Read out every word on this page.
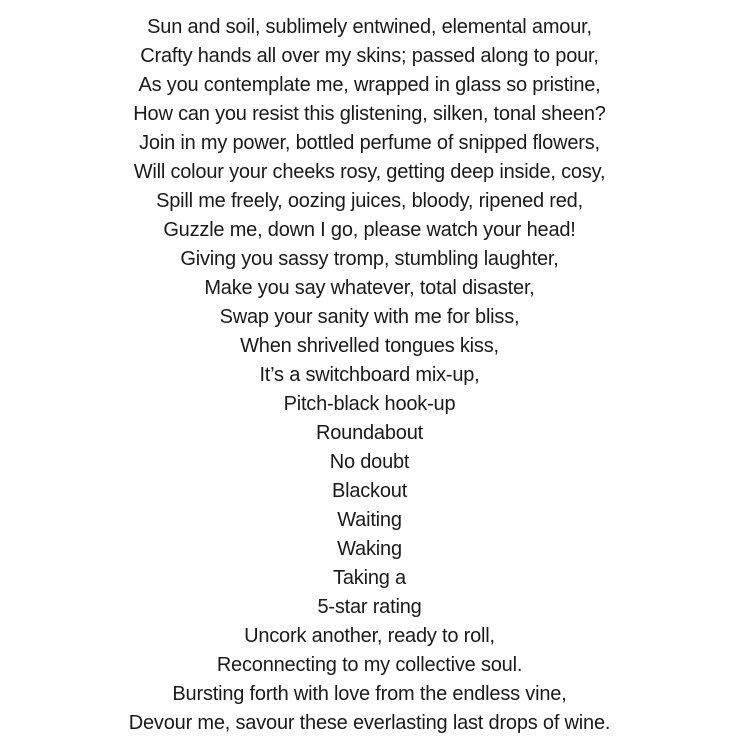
Sun and soil, sublimely entwined, elemental amour,
Crafty hands all over my skins; passed along to pour,
As you contemplate me, wrapped in glass so pristine,
How can you resist this glistening, silken, tonal sheen?
Join in my power, bottled perfume of snipped flowers,
Will colour your cheeks rosy, getting deep inside, cosy,
Spill me freely, oozing juices, bloody, ripened red,
Guzzle me, down I go, please watch your head!
Giving you sassy tromp, stumbling laughter,
Make you say whatever, total disaster,
Swap your sanity with me for bliss,
When shrivelled tongues kiss,
It’s a switchboard mix-up,
Pitch-black hook-up
Roundabout
No doubt
Blackout
Waiting
Waking
Taking a
5-star rating
Uncork another, ready to roll,
Reconnecting to my collective soul.
Bursting forth with love from the endless vine,
Devour me, savour these everlasting last drops of wine.
